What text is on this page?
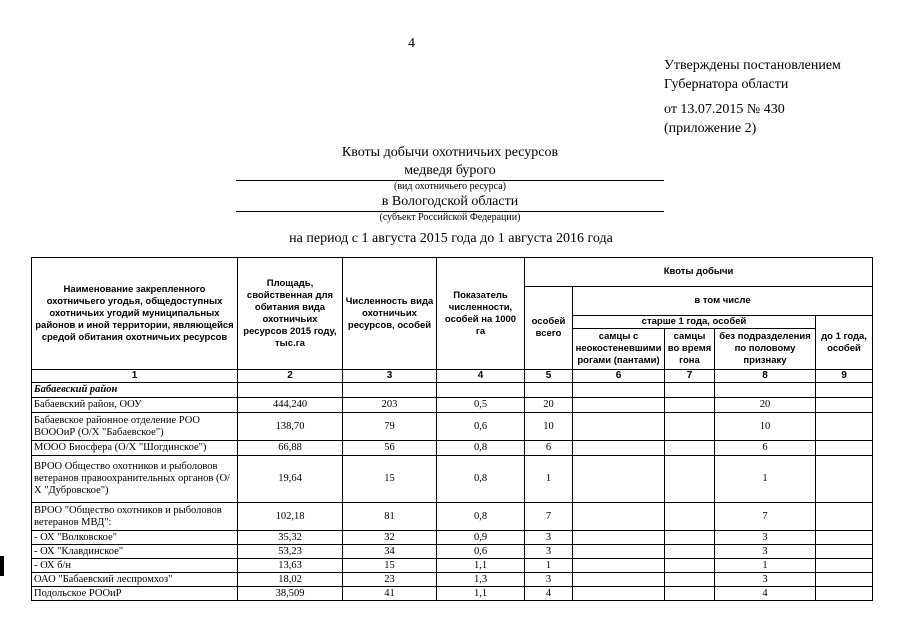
4
Утверждены постановлением
Губернатора области
от 13.07.2015 № 430
(приложение 2)
Квоты добычи охотничьих ресурсов
медведя бурого
(вид охотничьего ресурса)
в Вологодской области
(субъект Российской Федерации)
на период с 1 августа 2015 года до 1 августа 2016 года
Наименование закрепленного охотничьего угодья, общедоступных охотничьих угодий муниципальных районов и иной территории, являющейся средой обитания охотничьих ресурсов	Площадь, свойственная для обитания вида охотничьих ресурсов 2015 году, тыс.га	Численность вида охотничьих ресурсов, особей	Показатель численности, особей на 1000 га	Квоты добычи				
				особей всего	в том числе			
					старше 1 года, особей			до 1 года, особей
					самцы с неокостеневшими рогами (пантами)	самцы во время гона	без подразделения по половому признаку	
1	2	3	4	5	6	7	8	9
Бабаевский район								
Бабаевский район, ООУ	444,240	203	0,5	20			20	
Бабаевское районное отделение РОО ВОООиР (О/Х "Бабаевское")	138,70	79	0,6	10			10	
МООО Биосфера (О/Х "Шогдинское")	66,88	56	0,8	6			6	
ВРОО Общество охотников и рыболовов ветеранов правоохранительных органов (О/Х "Дубровское")	19,64	15	0,8	1			1	
ВРОО "Общество охотников и рыболовов ветеранов МВД":	102,18	81	0,8	7			7	
- ОХ "Волковское"	35,32	32	0,9	3			3	
- ОХ "Клавдинское"	53,23	34	0,6	3			3	
- ОХ б/н	13,63	15	1,1	1			1	
ОАО "Бабаевский леспромхоз"	18,02	23	1,3	3			3	
Подольское РООиР	38,509	41	1,1	4			4	
